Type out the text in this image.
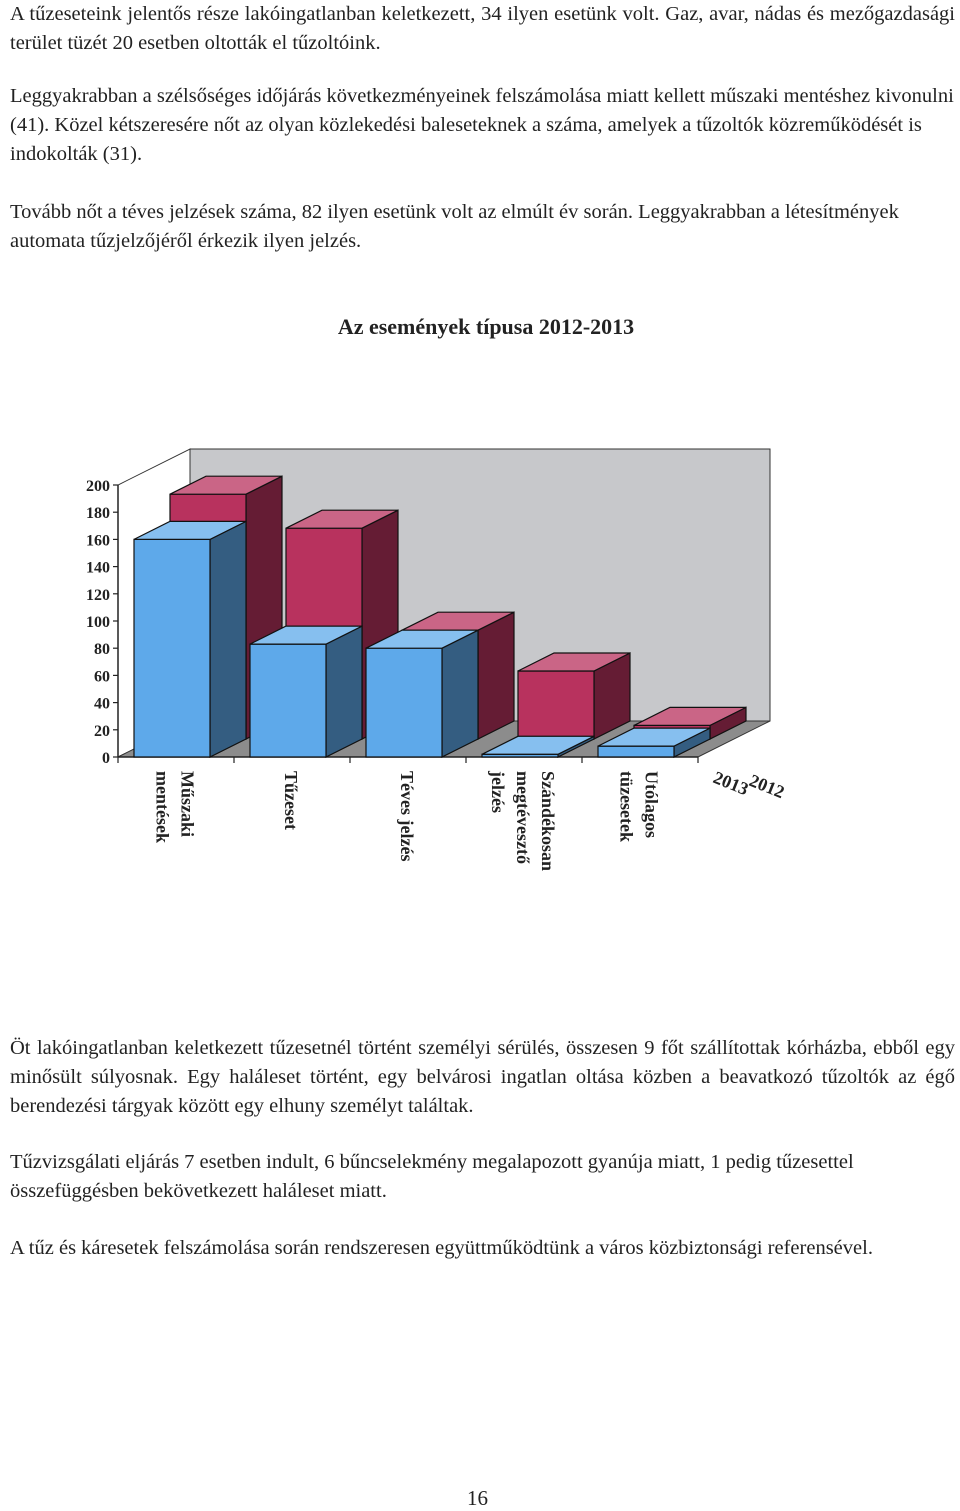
A tűzeseteink jelentős része lakóingatlanban keletkezett, 34 ilyen esetünk volt. Gaz, avar, nádas és mezőgazdasági terület tüzét 20 esetben oltották el tűzoltóink.

Leggyakrabban a szélsőséges időjárás következményeinek felszámolása miatt kellett műszaki mentéshez kivonulni (41). Közel kétszeresére nőt az olyan közlekedési baleseteknek a száma, amelyek a tűzoltók közreműködését is indokolták (31).

Tovább nőt a téves jelzések száma, 82 ilyen esetünk volt az elmúlt év során. Leggyakrabban a létesítmények automata tűzjelzőjéről érkezik ilyen jelzés.

Az események típusa 2012-2013
0
20
40
60
80
100
120
140
160
180
200
Műszaki
mentések	Tűzeset	Téves jelzés	Szándékosan
megtévesztő
jelzés	Utólagos
tüzesetek	2012
2013

Öt lakóingatlanban keletkezett tűzesetnél történt személyi sérülés, összesen 9 főt szállítottak kórházba, ebből egy minősült súlyosnak. Egy haláleset történt, egy belvárosi ingatlan oltása közben a beavatkozó tűzoltók az égő berendezési tárgyak között egy elhuny személyt találtak.

Tűzvizsgálati eljárás 7 esetben indult, 6 bűncselekmény megalapozott gyanúja miatt, 1 pedig tűzesettel összefüggésben bekövetkezett haláleset miatt.

A tűz és káresetek felszámolása során rendszeresen együttműködtünk a város közbiztonsági referensével.

16
